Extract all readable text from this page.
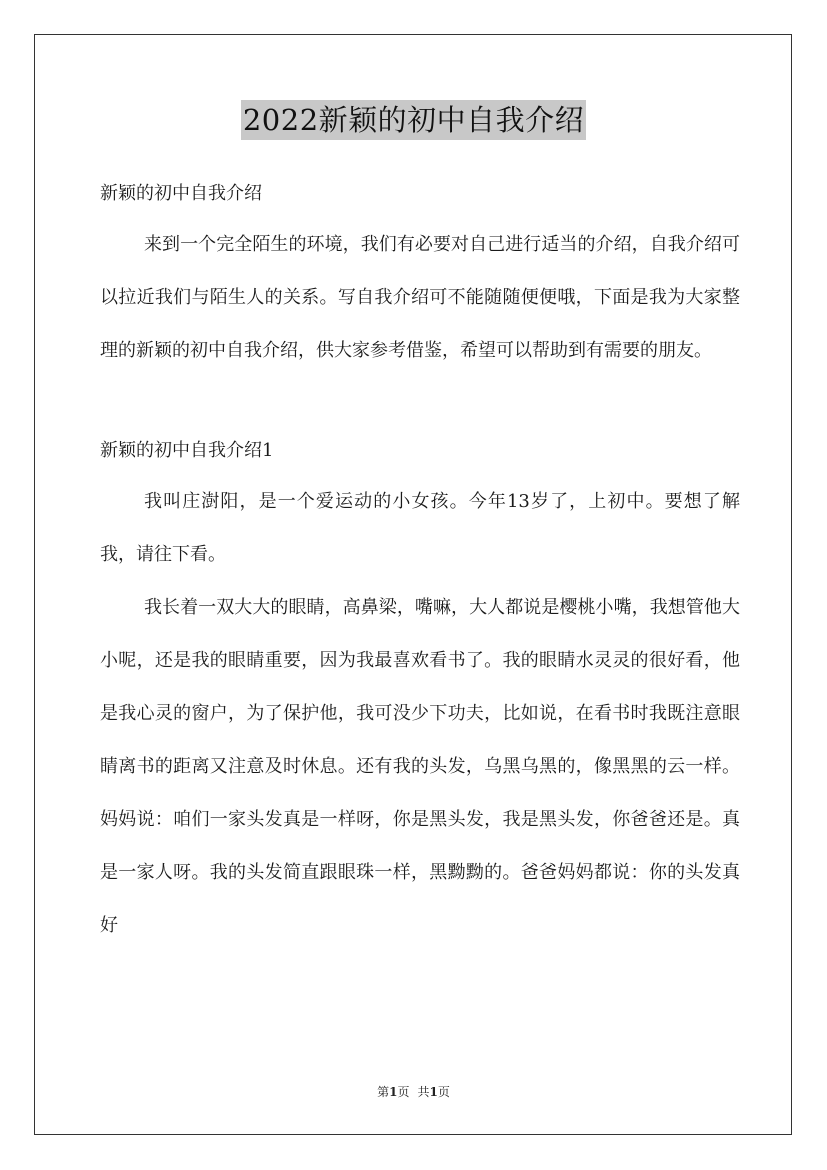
2022新颖的初中自我介绍

新颖的初中自我介绍

来到一个完全陌生的环境，我们有必要对自己进行适当的介绍，自我介绍可以拉近我们与陌生人的关系。写自我介绍可不能随随便便哦，下面是我为大家整理的新颖的初中自我介绍，供大家参考借鉴，希望可以帮助到有需要的朋友。

新颖的初中自我介绍1

我叫庄澍阳，是一个爱运动的小女孩。今年13岁了，上初中。要想了解我，请往下看。

我长着一双大大的眼睛，高鼻梁，嘴嘛，大人都说是樱桃小嘴，我想管他大小呢，还是我的眼睛重要，因为我最喜欢看书了。我的眼睛水灵灵的很好看，他是我心灵的窗户，为了保护他，我可没少下功夫，比如说，在看书时我既注意眼睛离书的距离又注意及时休息。还有我的头发，乌黑乌黑的，像黑黑的云一样。妈妈说：咱们一家头发真是一样呀，你是黑头发，我是黑头发，你爸爸还是。真是一家人呀。我的头发简直跟眼珠一样，黑黝黝的。爸爸妈妈都说：你的头发真好

第1页 共1页
